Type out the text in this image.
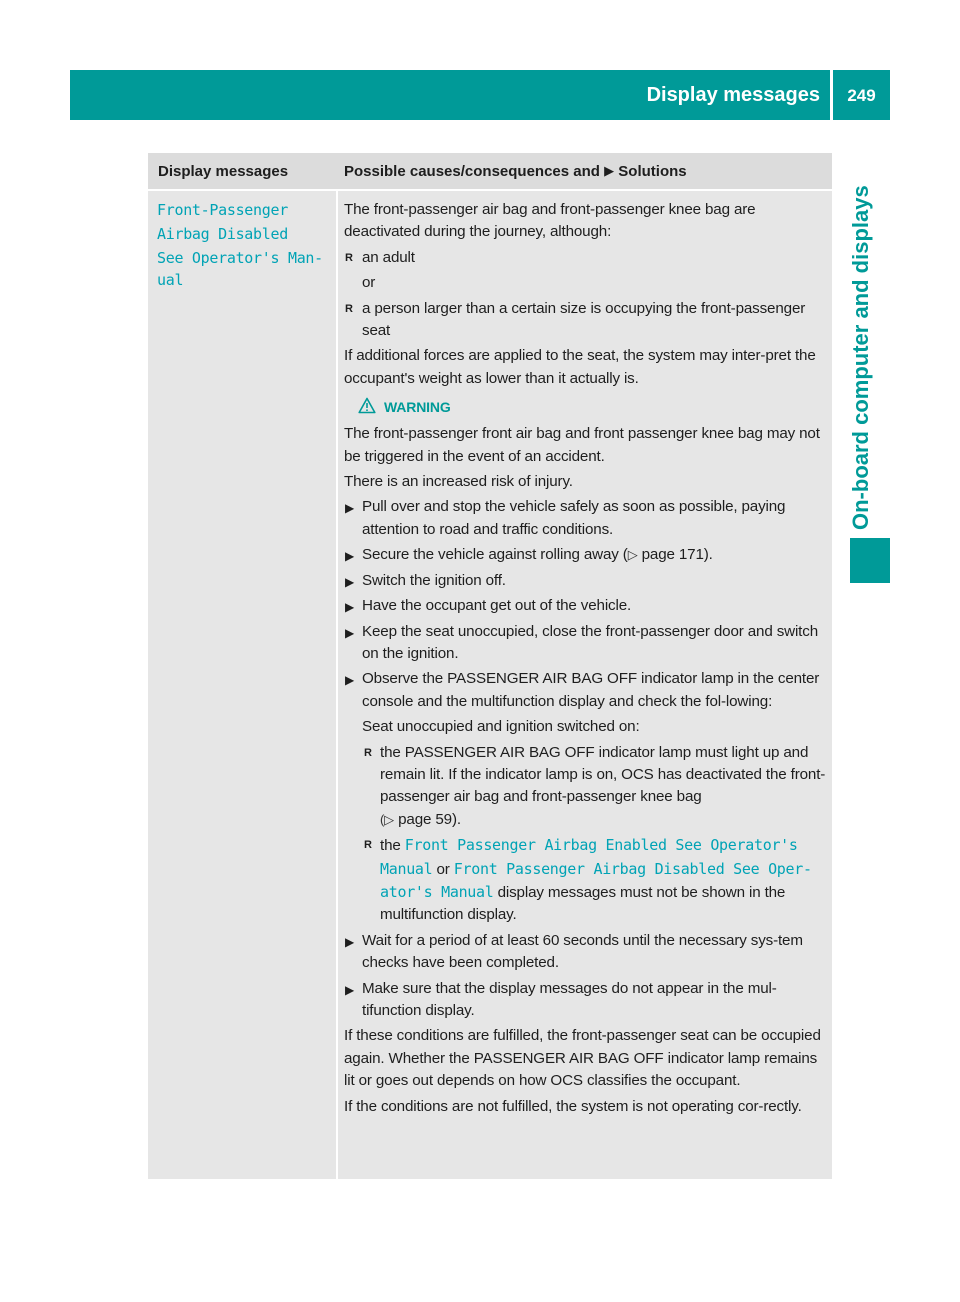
Display messages	249
On-board computer and displays
Display messages	Possible causes/consequences and ▶ Solutions

Front-Passenger

Airbag Disabled

See Operator's Man‐

ual

The front-passenger air bag and front-passenger knee bag are deactivated during the journey, although:

R an adult

or

R a person larger than a certain size is occupying the front-passenger seat

If additional forces are applied to the seat, the system may inter-pret the occupant's weight as lower than it actually is.

WARNING

The front-passenger front air bag and front passenger knee bag may not be triggered in the event of an accident.

There is an increased risk of injury.

▶ Pull over and stop the vehicle safely as soon as possible, paying attention to road and traffic conditions.
▶ Secure the vehicle against rolling away (▷ page 171).
▶ Switch the ignition off.
▶ Have the occupant get out of the vehicle.
▶ Keep the seat unoccupied, close the front-passenger door and switch on the ignition.
▶ Observe the PASSENGER AIR BAG OFF indicator lamp in the center console and the multifunction display and check the fol-lowing:

Seat unoccupied and ignition switched on:

R the PASSENGER AIR BAG OFF indicator lamp must light up and remain lit. If the indicator lamp is on, OCS has deactivated the front-passenger air bag and front-passenger knee bag
(▷ page 59).
R the Front Passenger Airbag Enabled See Operator's Manual or Front Passenger Airbag Disabled See Oper‐ator's Manual display messages must not be shown in the multifunction display.
▶ Wait for a period of at least 60 seconds until the necessary sys-tem checks have been completed.
▶ Make sure that the display messages do not appear in the mul-tifunction display.

If these conditions are fulfilled, the front-passenger seat can be occupied again. Whether the PASSENGER AIR BAG OFF indicator lamp remains lit or goes out depends on how OCS classifies the occupant.

If the conditions are not fulfilled, the system is not operating cor-rectly.
